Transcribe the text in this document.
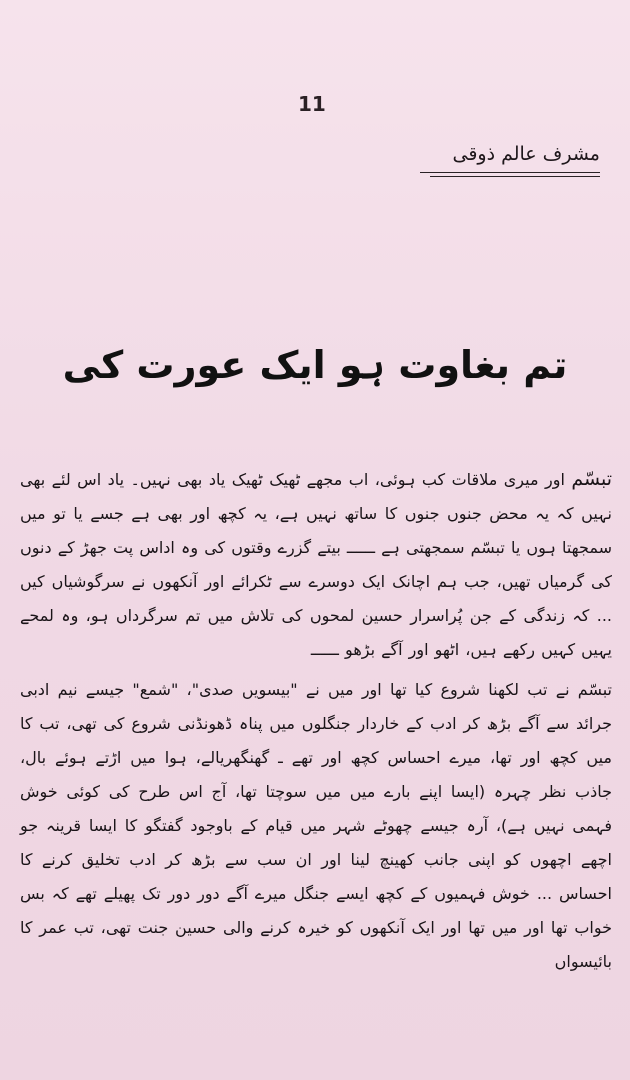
11
مشرف عالم ذوقی
تم بغاوت ہو ایک عورت کی

تبسّم اور میری ملاقات کب ہوئی، اب مجھے ٹھیک ٹھیک یاد بھی نہیں۔ یاد اس لئے بھی نہیں کہ یہ محض جنوں جنوں کا ساتھ نہیں ہے، یہ کچھ اور بھی ہے جسے یا تو میں سمجھتا ہوں یا تبسّم سمجھتی ہے ــــــ بیتے گزرے وقتوں کی وہ اداس پت جھڑ کے دنوں کی گرمیاں تھیں، جب ہم اچانک ایک دوسرے سے ٹکرائے اور آنکھوں نے سرگوشیاں کیں ... کہ زندگی کے جن پُراسرار حسین لمحوں کی تلاش میں تم سرگرداں ہو، وہ لمحے یہیں کہیں رکھے ہیں، اٹھو اور آگے بڑھو ــــــ

تبسّم نے تب لکھنا شروع کیا تھا اور میں نے "بیسویں صدی"، "شمع" جیسے نیم ادبی جرائد سے آگے بڑھ کر ادب کے خاردار جنگلوں میں پناہ ڈھونڈنی شروع کی تھی، تب کا میں کچھ اور تھا، میرے احساس کچھ اور تھے ـ گھنگھریالے، ہوا میں اڑتے ہوئے بال، جاذب نظر چہرہ (ایسا اپنے بارے میں میں سوچتا تھا، آج اس طرح کی کوئی خوش فہمی نہیں ہے)، آرہ جیسے چھوٹے شہر میں قیام کے باوجود گفتگو کا ایسا قرینہ جو اچھے اچھوں کو اپنی جانب کھینچ لینا اور ان سب سے بڑھ کر ادب تخلیق کرنے کا احساس ... خوش فہمیوں کے کچھ ایسے جنگل میرے آگے دور دور تک پھیلے تھے کہ بس خواب تھا اور میں تھا اور ایک آنکھوں کو خیرہ کرنے والی حسین جنت تھی، تب عمر کا بائیسواں
